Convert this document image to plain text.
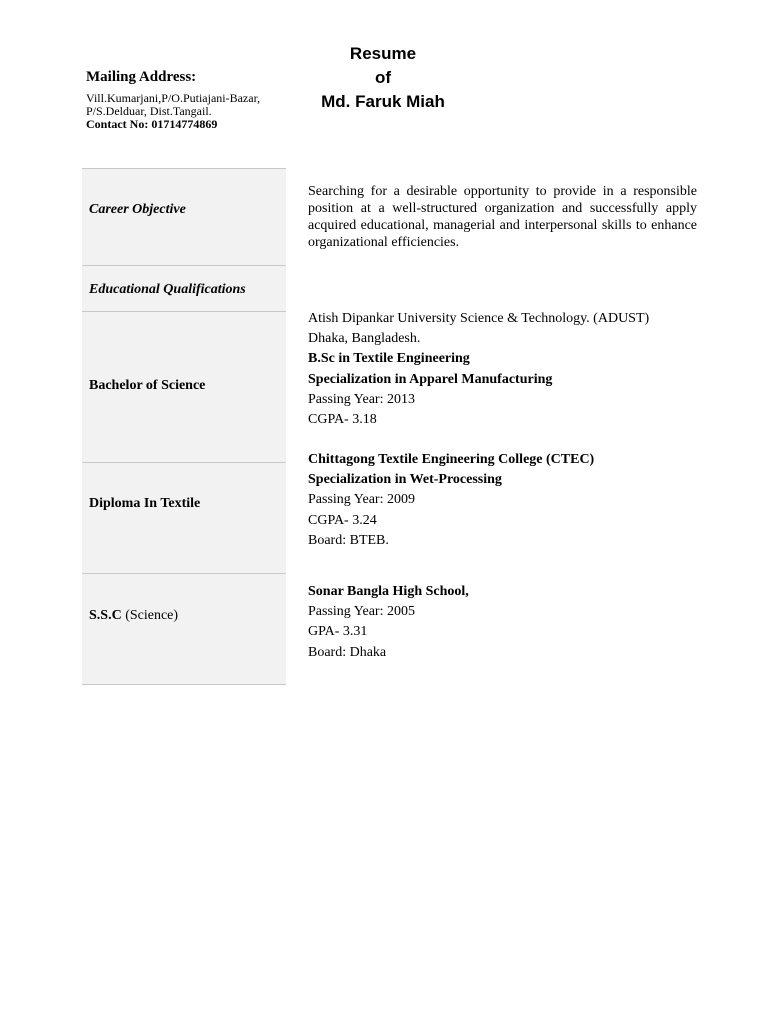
Resume
of
Md. Faruk Miah
Mailing Address:
Vill.Kumarjani,P/O.Putiajani-Bazar,
P/S.Delduar, Dist.Tangail.
Contact No: 01714774869
Career Objective
Educational Qualifications
Bachelor of Science
Diploma In Textile
S.S.C (Science)
Searching for a desirable opportunity to provide in a responsible position at a well-structured organization and successfully apply acquired educational, managerial and interpersonal skills to enhance organizational efficiencies.
Atish Dipankar University Science & Technology. (ADUST)
Dhaka, Bangladesh.
B.Sc in Textile Engineering
Specialization in Apparel Manufacturing
Passing Year: 2013
CGPA- 3.18
Chittagong Textile Engineering College (CTEC)
Specialization in Wet-Processing
Passing Year: 2009
CGPA- 3.24
Board: BTEB.
Sonar Bangla High School,
Passing Year: 2005
GPA- 3.31
Board: Dhaka
